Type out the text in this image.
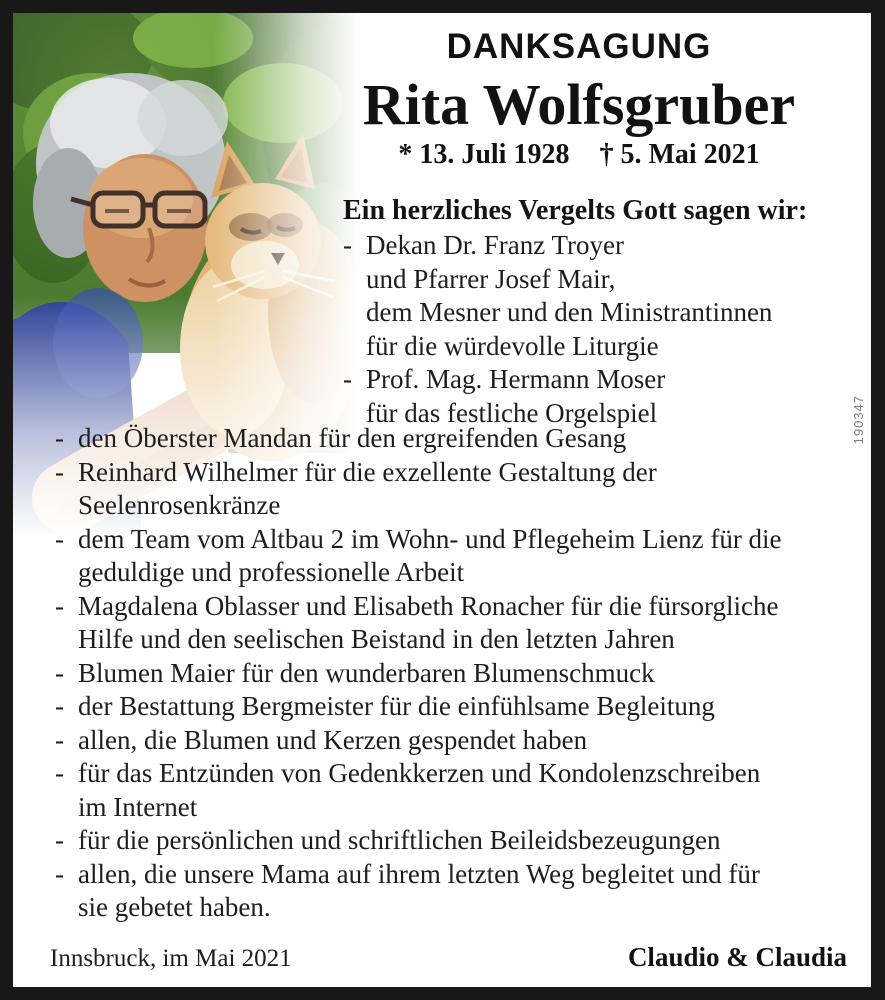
DANKSAGUNG
Rita Wolfsgruber
* 13. Juli 1928 † 5. Mai 2021
Ein herzliches Vergelts Gott sagen wir:
- Dekan Dr. Franz Troyer
und Pfarrer Josef Mair,
dem Mesner und den Ministrantinnen
für die würdevolle Liturgie
- Prof. Mag. Hermann Moser
für das festliche Orgelspiel
- den Öberster Mandan für den ergreifenden Gesang
- Reinhard Wilhelmer für die exzellente Gestaltung der
Seelenrosenkränze
- dem Team vom Altbau 2 im Wohn- und Pflegeheim Lienz für die
geduldige und professionelle Arbeit
- Magdalena Oblasser und Elisabeth Ronacher für die fürsorgliche
Hilfe und den seelischen Beistand in den letzten Jahren
- Blumen Maier für den wunderbaren Blumenschmuck
- der Bestattung Bergmeister für die einfühlsame Begleitung
- allen, die Blumen und Kerzen gespendet haben
- für das Entzünden von Gedenkkerzen und Kondolenzschreiben
im Internet
- für die persönlichen und schriftlichen Beileidsbezeugungen
- allen, die unsere Mama auf ihrem letzten Weg begleitet und für
sie gebetet haben.
Innsbruck, im Mai 2021	Claudio & Claudia
190347
